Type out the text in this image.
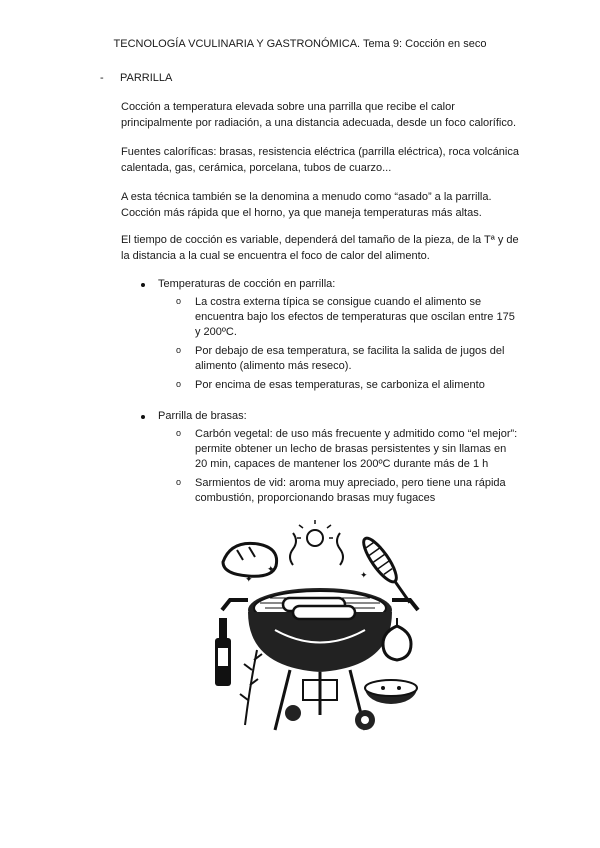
TECNOLOGÍA VCULINARIA Y GASTRONÓMICA. Tema 9: Cocción en seco
- PARRILLA
Cocción a temperatura elevada sobre una parrilla que recibe el calor principalmente por radiación, a una distancia adecuada, desde un foco calorífico.
Fuentes caloríficas: brasas, resistencia eléctrica (parrilla eléctrica), roca volcánica calentada, gas, cerámica, porcelana, tubos de cuarzo...
A esta técnica también se la denomina a menudo como “asado” a la parrilla. Cocción más rápida que el horno, ya que maneja temperaturas más altas.
El tiempo de cocción es variable, dependerá del tamaño de la pieza, de la Tª y de la distancia a la cual se encuentra el foco de calor del alimento.
Temperaturas de cocción en parrilla:
o La costra externa típica se consigue cuando el alimento se encuentra bajo los efectos de temperaturas que oscilan entre 175 y 200ºC.
o Por debajo de esa temperatura, se facilita la salida de jugos del alimento (alimento más reseco).
o Por encima de esas temperaturas, se carboniza el alimento
Parrilla de brasas:
o Carbón vegetal: de uso más frecuente y admitido como “el mejor”: permite obtener un lecho de brasas persistentes y sin llamas en 20 min, capaces de mantener los 200ºC durante más de 1 h
o Sarmientos de vid: aroma muy apreciado, pero tiene una rápida combustión, proporcionando brasas muy fugaces
✦
✦
✦
